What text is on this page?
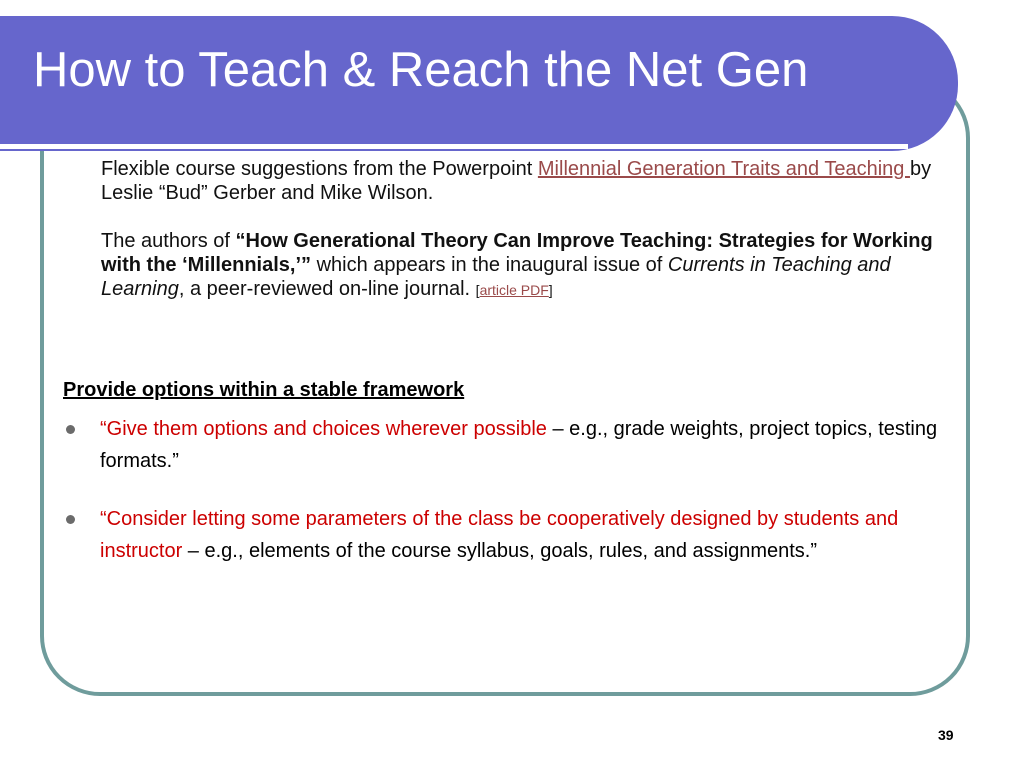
How to Teach & Reach the Net Gen

Flexible course suggestions from the Powerpoint Millennial Generation Traits and Teaching by Leslie “Bud” Gerber and Mike Wilson.

The authors of “How Generational Theory Can Improve Teaching: Strategies for Working with the ‘Millennials,’” which appears in the inaugural issue of Currents in Teaching and Learning, a peer-reviewed on-line journal. [article PDF]

Provide options within a stable framework
“Give them options and choices wherever possible – e.g., grade weights, project topics, testing formats.”
“Consider letting some parameters of the class be cooperatively designed by students and instructor – e.g., elements of the course syllabus, goals, rules, and assignments.”
39
